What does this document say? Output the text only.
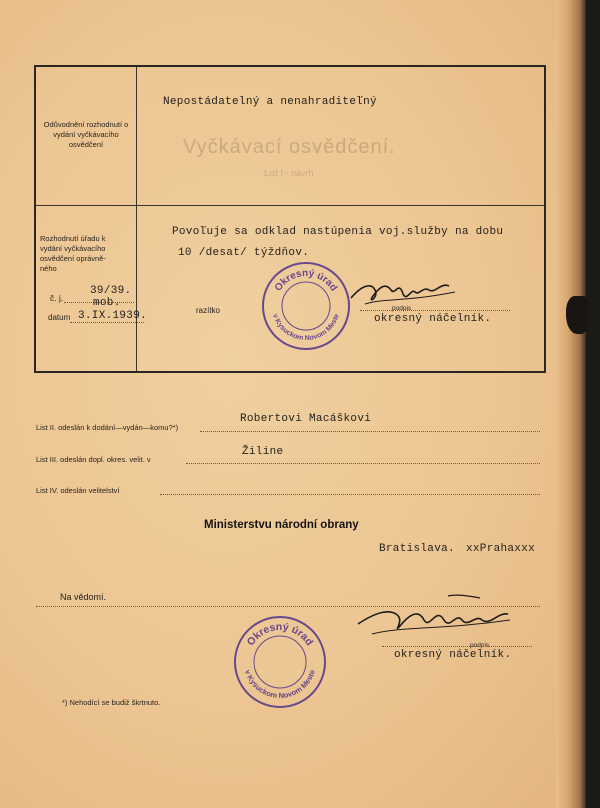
Vyčkávací osvědčení.
List I - návrh
Odůvodnění rozhodnutí o vydání vyčkávacího osvědčení
Nepostádatelný a nenahraditeľný
Rozhodnutí úřadu k vydání vyčkávacího osvědčení oprávně-ného
Povoľuje sa odklad nastúpenia voj.služby na dobu
10 /desat/ týždňov.
č. j.
39/39.
mob.
datum 3.IX.1939.	razítko	podpis
okresný náčelník.
Okresný úrad
v Kysuckom Novom Meste
List II. odeslán k dodání—vydán—komu?*)
Robertovi Macáškovi
List III. odeslán dopl. okres. velit. v
Žiline
List IV. odeslán velitelství
Ministerstvu národní obrany
Bratislava. xxPrahaxxx
Na vědomí.
podpis
okresný náčelník.
Okresný úrad
v Kysuckom Novom Meste
*) Nehodící se budiž škrtnuto.
